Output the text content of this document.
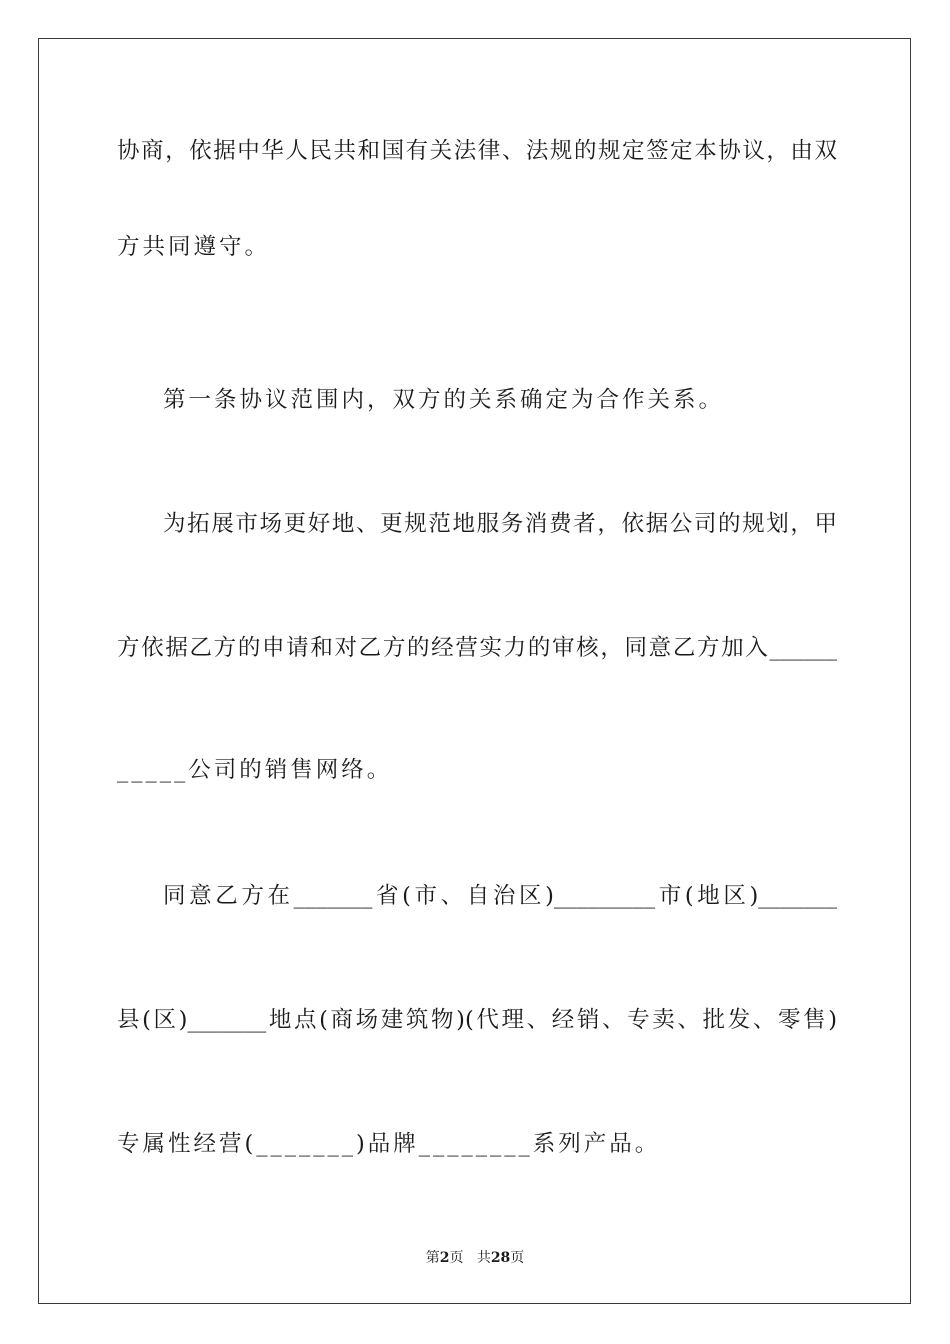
协商，依据中华人民共和国有关法律、法规的规定签定本协议，由双
方共同遵守。
第一条协议范围内，双方的关系确定为合作关系。
为拓展市场更好地、更规范地服务消费者，依据公司的规划，甲
方依据乙方的申请和对乙方的经营实力的审核，同意乙方加入______
_____公司的销售网络。
同意乙方在_______省(市、自治区)_________市(地区)_______
县(区)_______地点(商场建筑物)(代理、经销、专卖、批发、零售)
专属性经营(_______)品牌________系列产品。
第2页 共28页
